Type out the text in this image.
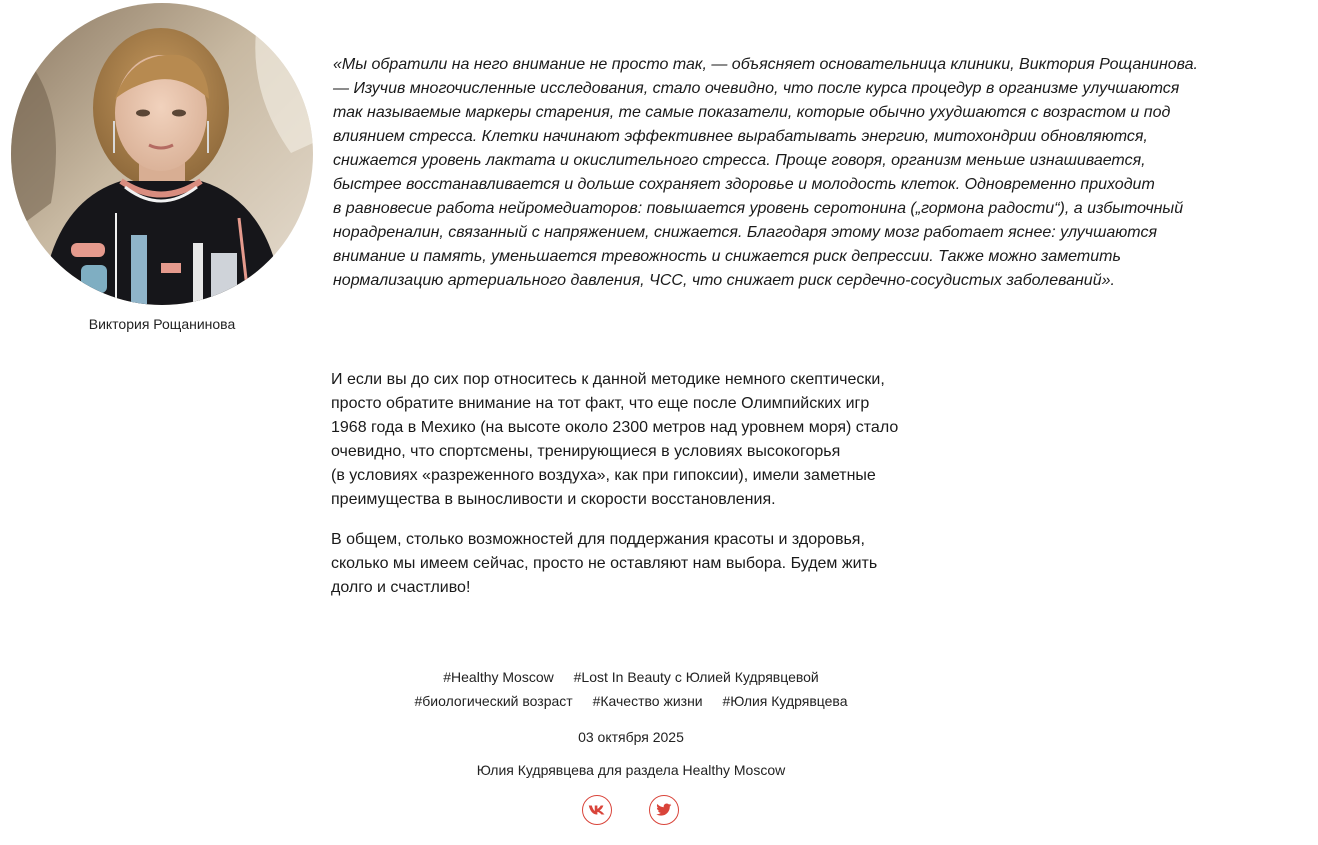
Виктория Рощанинова
«Мы обратили на него внимание не просто так, — объясняет основательница клиники, Виктория Рощанинова.
— Изучив многочисленные исследования, стало очевидно, что после курса процедур в организме улучшаются
так называемые маркеры старения, те самые показатели, которые обычно ухудшаются с возрастом и под
влиянием стресса. Клетки начинают эффективнее вырабатывать энергию, митохондрии обновляются,
снижается уровень лактата и окислительного стресса. Проще говоря, организм меньше изнашивается,
быстрее восстанавливается и дольше сохраняет здоровье и молодость клеток. Одновременно приходит
в равновесие работа нейромедиаторов: повышается уровень серотонина („гормона радости“), а избыточный
норадреналин, связанный с напряжением, снижается. Благодаря этому мозг работает яснее: улучшаются
внимание и память, уменьшается тревожность и снижается риск депрессии. Также можно заметить
нормализацию артериального давления, ЧСС, что снижает риск сердечно-сосудистых заболеваний».
И если вы до сих пор относитесь к данной методике немного скептически,
просто обратите внимание на тот факт, что еще после Олимпийских игр
1968 года в Мехико (на высоте около 2300 метров над уровнем моря) стало
очевидно, что спортсмены, тренирующиеся в условиях высокогорья
(в условиях «разреженного воздуха», как при гипоксии), имели заметные
преимущества в выносливости и скорости восстановления.
В общем, столько возможностей для поддержания красоты и здоровья,
сколько мы имеем сейчас, просто не оставляют нам выбора. Будем жить
долго и счастливо!
#Healthy Moscow #Lost In Beauty с Юлией Кудрявцевой
#биологический возраст #Качество жизни #Юлия Кудрявцева
03 октября 2025
Юлия Кудрявцева для раздела Healthy Moscow
